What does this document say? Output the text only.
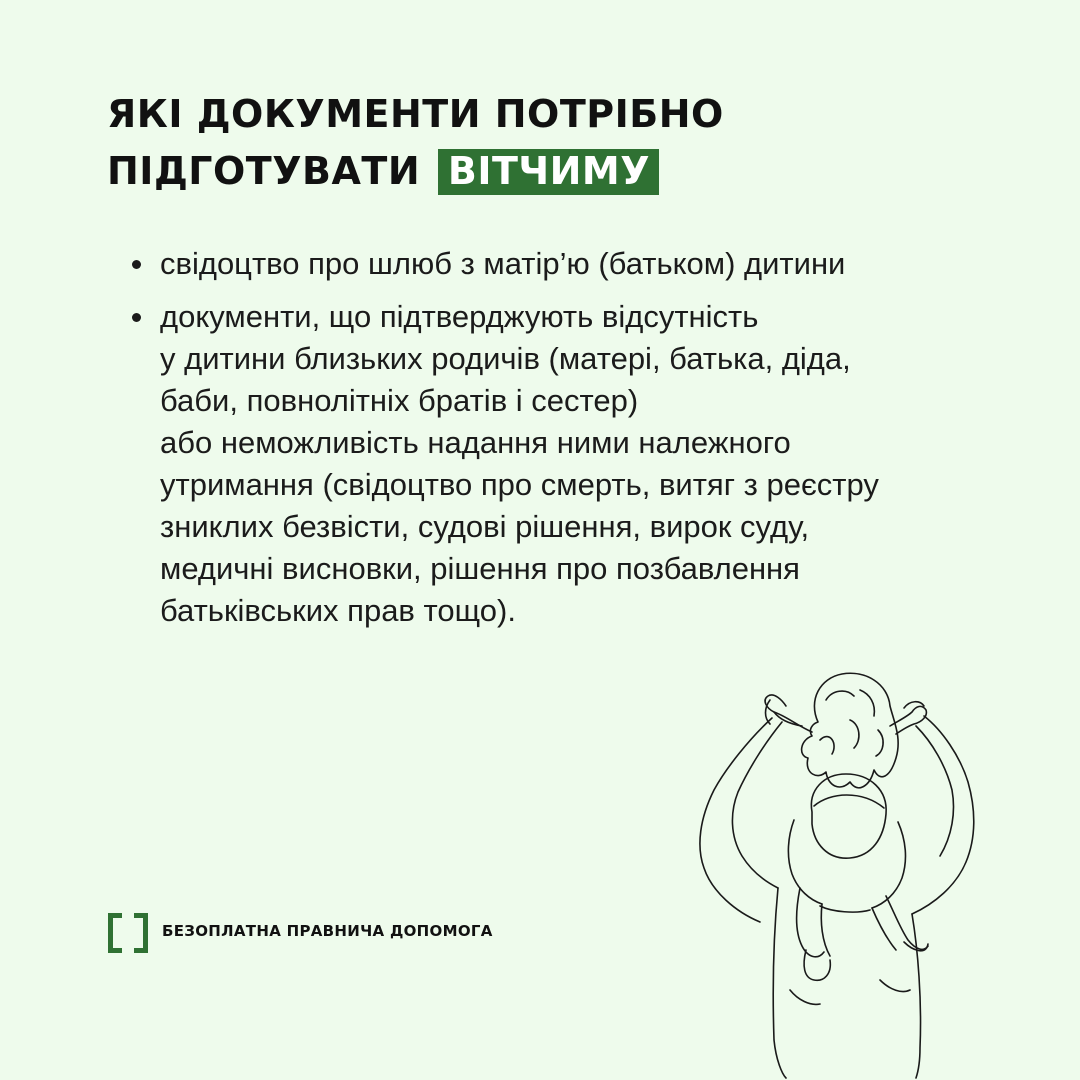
ЯКІ ДОКУМЕНТИ ПОТРІБНО
ПІДГОТУВАТИ ВІТЧИМУ
свідоцтво про шлюб з матір’ю (батьком) дитини
документи, що підтверджують відсутність
у дитини близьких родичів (матері, батька, діда,
баби, повнолітніх братів і сестер)
або неможливість надання ними належного
утримання (свідоцтво про смерть, витяг з реєстру
зниклих безвісти, судові рішення, вирок суду,
медичні висновки, рішення про позбавлення
батьківських прав тощо).
БЕЗОПЛАТНА ПРАВНИЧА ДОПОМОГА
